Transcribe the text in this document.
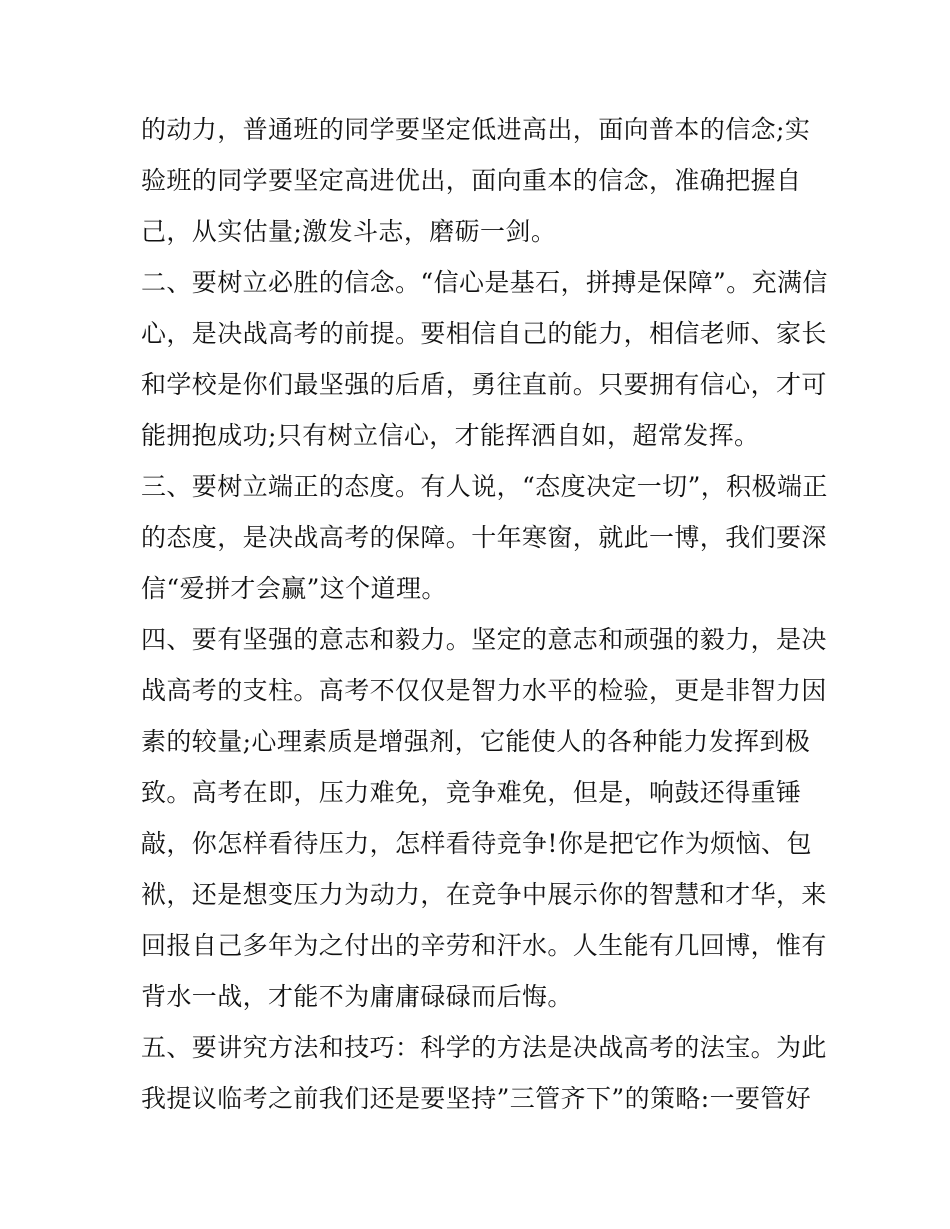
的动力，普通班的同学要坚定低进高出，面向普本的信念;实
验班的同学要坚定高进优出，面向重本的信念，准确把握自
己，从实估量;激发斗志，磨砺一剑。
二、要树立必胜的信念。“信心是基石，拼搏是保障”。充满信
心，是决战高考的前提。要相信自己的能力，相信老师、家长
和学校是你们最坚强的后盾，勇往直前。只要拥有信心，才可
能拥抱成功;只有树立信心，才能挥洒自如，超常发挥。
三、要树立端正的态度。有人说，“态度决定一切”，积极端正
的态度，是决战高考的保障。十年寒窗，就此一博，我们要深
信“爱拼才会赢”这个道理。
四、要有坚强的意志和毅力。坚定的意志和顽强的毅力，是决
战高考的支柱。高考不仅仅是智力水平的检验，更是非智力因
素的较量;心理素质是增强剂，它能使人的各种能力发挥到极
致。高考在即，压力难免，竞争难免，但是，响鼓还得重锤
敲，你怎样看待压力，怎样看待竞争!你是把它作为烦恼、包
袱，还是想变压力为动力，在竞争中展示你的智慧和才华，来
回报自己多年为之付出的辛劳和汗水。人生能有几回博，惟有
背水一战，才能不为庸庸碌碌而后悔。
五、要讲究方法和技巧：科学的方法是决战高考的法宝。为此
我提议临考之前我们还是要坚持”三管齐下”的策略:一要管好
